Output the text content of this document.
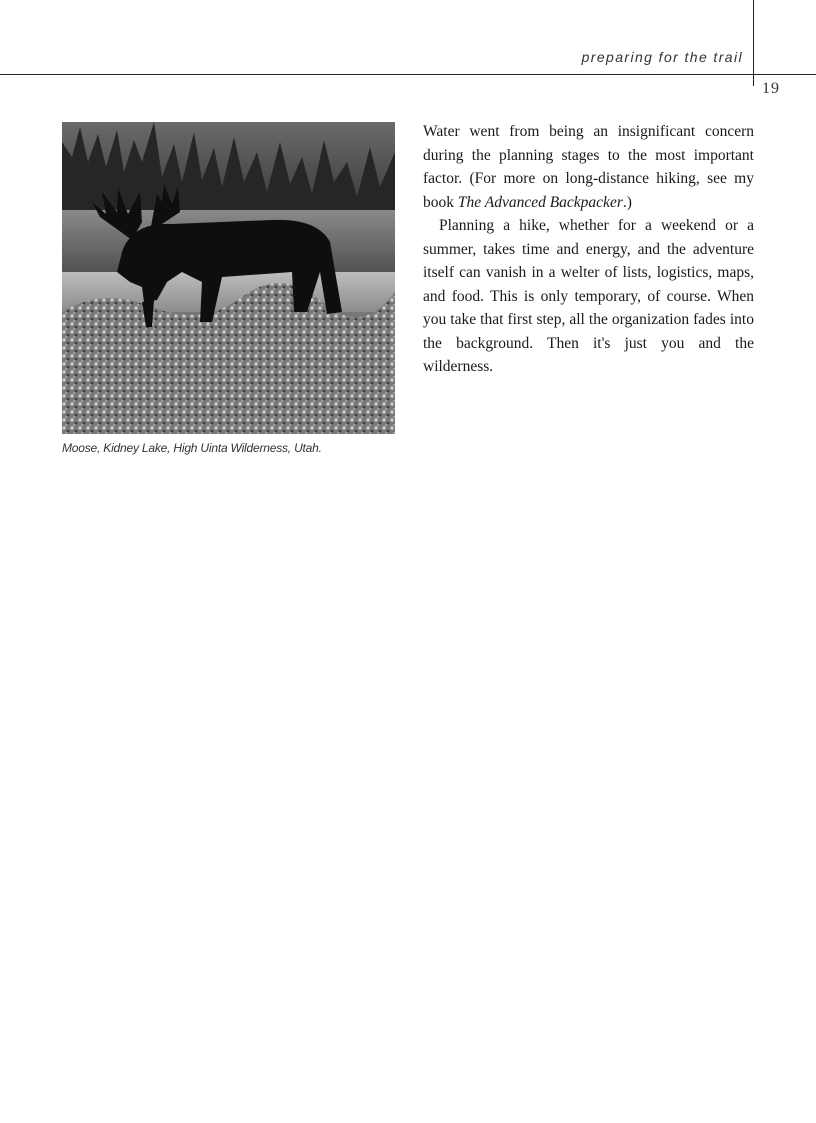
preparing for the trail
19
Moose, Kidney Lake, High Uinta Wilderness, Utah.

Water went from being an insignificant concern during the planning stages to the most important factor. (For more on long-distance hiking, see my book The Advanced Backpacker.)

Planning a hike, whether for a weekend or a summer, takes time and energy, and the adventure itself can vanish in a welter of lists, logistics, maps, and food. This is only temporary, of course. When you take that first step, all the organization fades into the background. Then it's just you and the wilderness.
